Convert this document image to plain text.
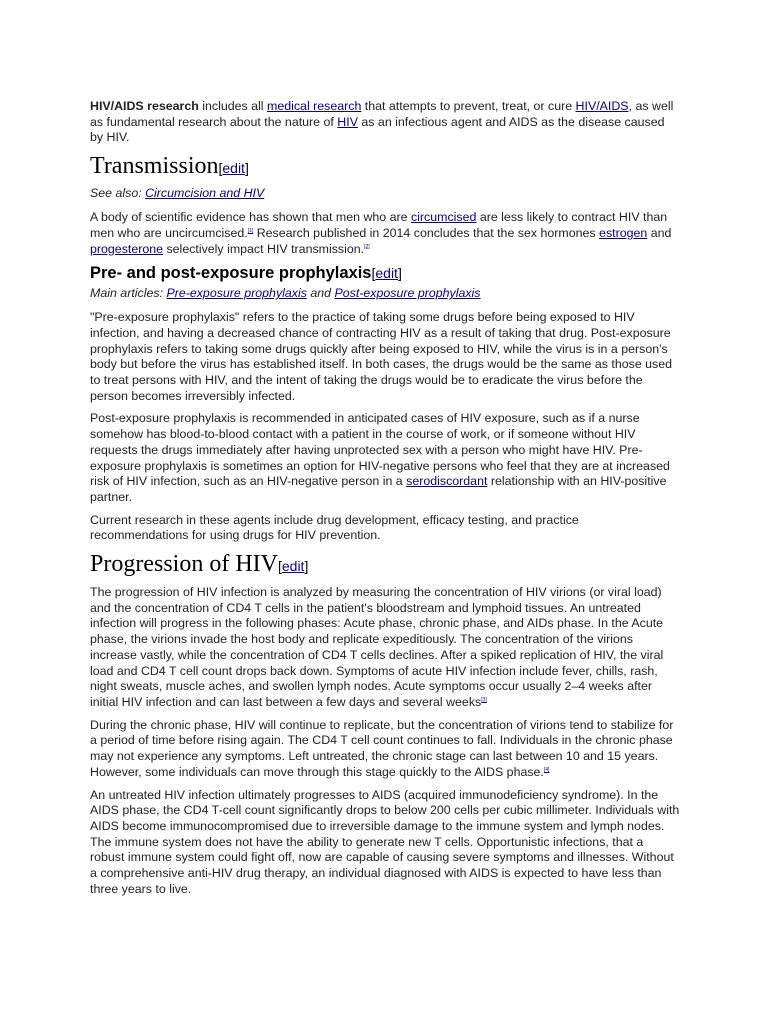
HIV/AIDS research includes all medical research that attempts to prevent, treat, or cure HIV/AIDS, as well as fundamental research about the nature of HIV as an infectious agent and AIDS as the disease caused by HIV.

Transmission[edit]
See also: Circumcision and HIV

A body of scientific evidence has shown that men who are circumcised are less likely to contract HIV than men who are uncircumcised.[1] Research published in 2014 concludes that the sex hormones estrogen and progesterone selectively impact HIV transmission.[2]

Pre- and post-exposure prophylaxis[edit]
Main articles: Pre-exposure prophylaxis and Post-exposure prophylaxis

"Pre-exposure prophylaxis" refers to the practice of taking some drugs before being exposed to HIV infection, and having a decreased chance of contracting HIV as a result of taking that drug. Post-exposure prophylaxis refers to taking some drugs quickly after being exposed to HIV, while the virus is in a person's body but before the virus has established itself. In both cases, the drugs would be the same as those used to treat persons with HIV, and the intent of taking the drugs would be to eradicate the virus before the person becomes irreversibly infected.

Post-exposure prophylaxis is recommended in anticipated cases of HIV exposure, such as if a nurse somehow has blood-to-blood contact with a patient in the course of work, or if someone without HIV requests the drugs immediately after having unprotected sex with a person who might have HIV. Pre-exposure prophylaxis is sometimes an option for HIV-negative persons who feel that they are at increased risk of HIV infection, such as an HIV-negative person in a serodiscordant relationship with an HIV-positive partner.

Current research in these agents include drug development, efficacy testing, and practice recommendations for using drugs for HIV prevention.

Progression of HIV[edit]

The progression of HIV infection is analyzed by measuring the concentration of HIV virions (or viral load) and the concentration of CD4 T cells in the patient's bloodstream and lymphoid tissues. An untreated infection will progress in the following phases: Acute phase, chronic phase, and AIDs phase. In the Acute phase, the virions invade the host body and replicate expeditiously. The concentration of the virions increase vastly, while the concentration of CD4 T cells declines. After a spiked replication of HIV, the viral load and CD4 T cell count drops back down. Symptoms of acute HIV infection include fever, chills, rash, night sweats, muscle aches, and swollen lymph nodes. Acute symptoms occur usually 2–4 weeks after initial HIV infection and can last between a few days and several weeks[3]

During the chronic phase, HIV will continue to replicate, but the concentration of virions tend to stabilize for a period of time before rising again. The CD4 T cell count continues to fall. Individuals in the chronic phase may not experience any symptoms. Left untreated, the chronic stage can last between 10 and 15 years. However, some individuals can move through this stage quickly to the AIDS phase.[4]

An untreated HIV infection ultimately progresses to AIDS (acquired immunodeficiency syndrome). In the AIDS phase, the CD4 T-cell count significantly drops to below 200 cells per cubic millimeter. Individuals with AIDS become immunocompromised due to irreversible damage to the immune system and lymph nodes. The immune system does not have the ability to generate new T cells. Opportunistic infections, that a robust immune system could fight off, now are capable of causing severe symptoms and illnesses. Without a comprehensive anti-HIV drug therapy, an individual diagnosed with AIDS is expected to have less than three years to live.
